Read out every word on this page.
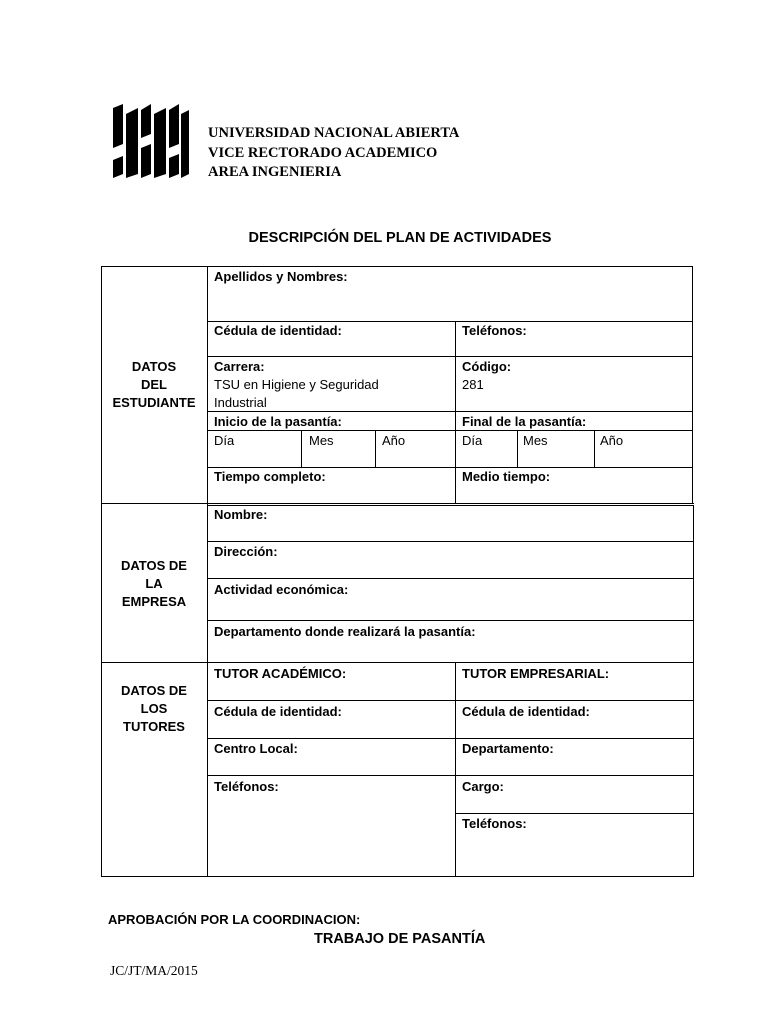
UNIVERSIDAD NACIONAL ABIERTA
VICE RECTORADO ACADEMICO
AREA INGENIERIA
DESCRIPCIÓN DEL PLAN DE ACTIVIDADES
DATOS
DEL
ESTUDIANTE
Apellidos y Nombres:
Cédula de identidad:	Teléfonos:
Carrera:
TSU en Higiene y Seguridad
Industrial
Código:
281
Inicio de la pasantía:	Final de la pasantía:
Día	Mes	Año	Día	Mes	Año
Tiempo completo:	Medio tiempo:
DATOS DE
LA
EMPRESA
Nombre:
Dirección:
Actividad económica:
Departamento donde realizará la pasantía:
DATOS DE
LOS
TUTORES
TUTOR ACADÉMICO:	TUTOR EMPRESARIAL:
Cédula de identidad:	Cédula de identidad:
Centro Local:	Departamento:
Teléfonos:	Cargo:
Teléfonos:
APROBACIÓN POR LA COORDINACION:
TRABAJO DE PASANTÍA
JC/JT/MA/2015
